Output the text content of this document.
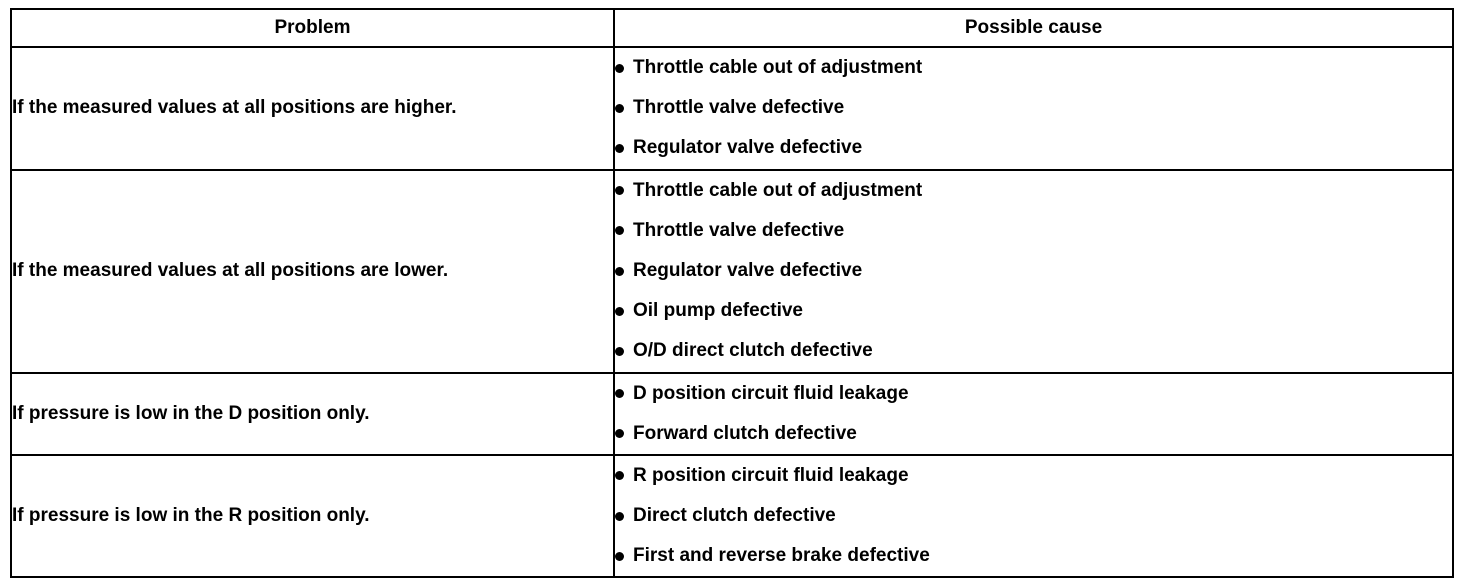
Problem	Possible cause
If the measured values at all positions are higher.	Throttle cable out of adjustment
Throttle valve defective
Regulator valve defective

If the measured values at all positions are lower.	Throttle cable out of adjustment
Throttle valve defective
Regulator valve defective
Oil pump defective
O/D direct clutch defective

If pressure is low in the D position only.	D position circuit fluid leakage
Forward clutch defective

If pressure is low in the R position only.	R position circuit fluid leakage
Direct clutch defective
First and reverse brake defective
